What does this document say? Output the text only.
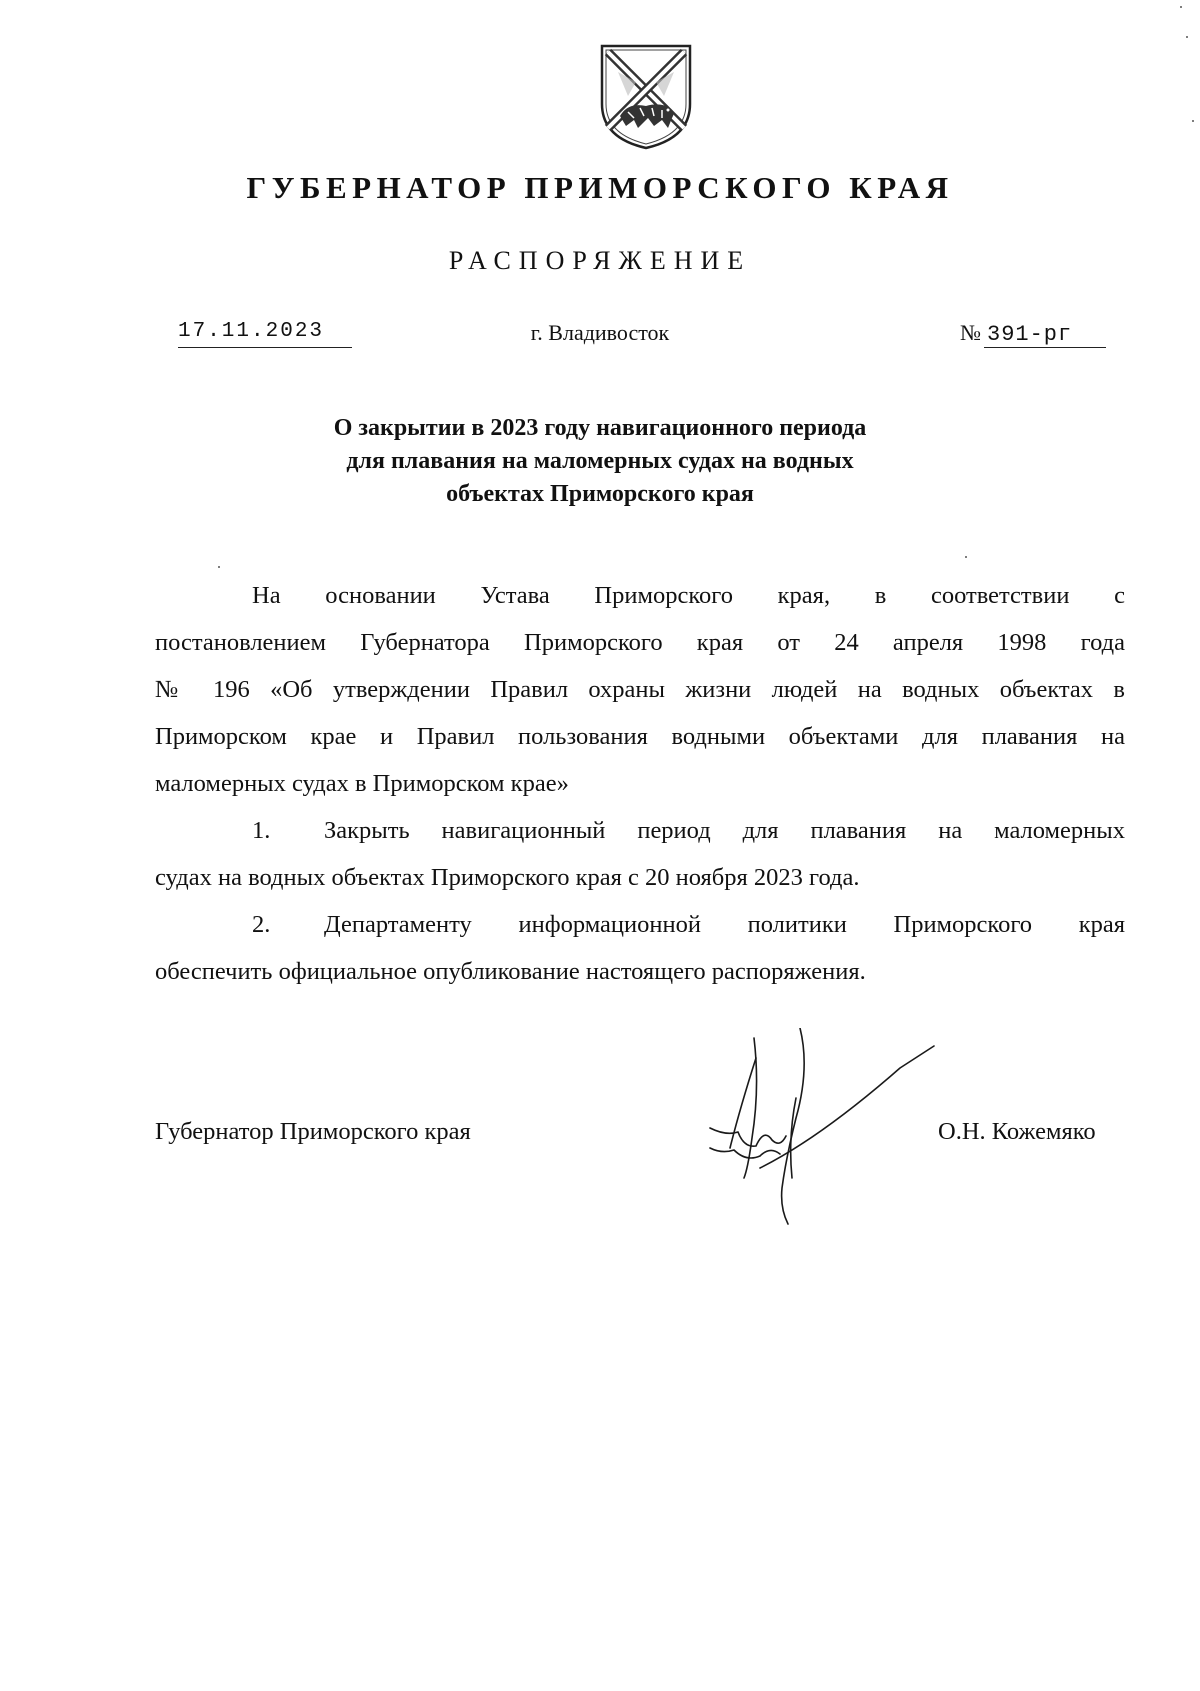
ГУБЕРНАТОР ПРИМОРСКОГО КРАЯ
РАСПОРЯЖЕНИЕ
17.11.2023	г. Владивосток	№ 391-рг
О закрытии в 2023 году навигационного периода
для плавания на маломерных судах на водных
объектах Приморского края
На основании Устава Приморского края, в соответствии с
постановлением Губернатора Приморского края от 24 апреля 1998 года
№ 196 «Об утверждении Правил охраны жизни людей на водных объектах в
Приморском крае и Правил пользования водными объектами для плавания на
маломерных судах в Приморском крае»
1. Закрыть навигационный период для плавания на маломерных
судах на водных объектах Приморского края с 20 ноября 2023 года.
2. Департаменту информационной политики Приморского края
обеспечить официальное опубликование настоящего распоряжения.
Губернатор Приморского края	О.Н. Кожемяко
